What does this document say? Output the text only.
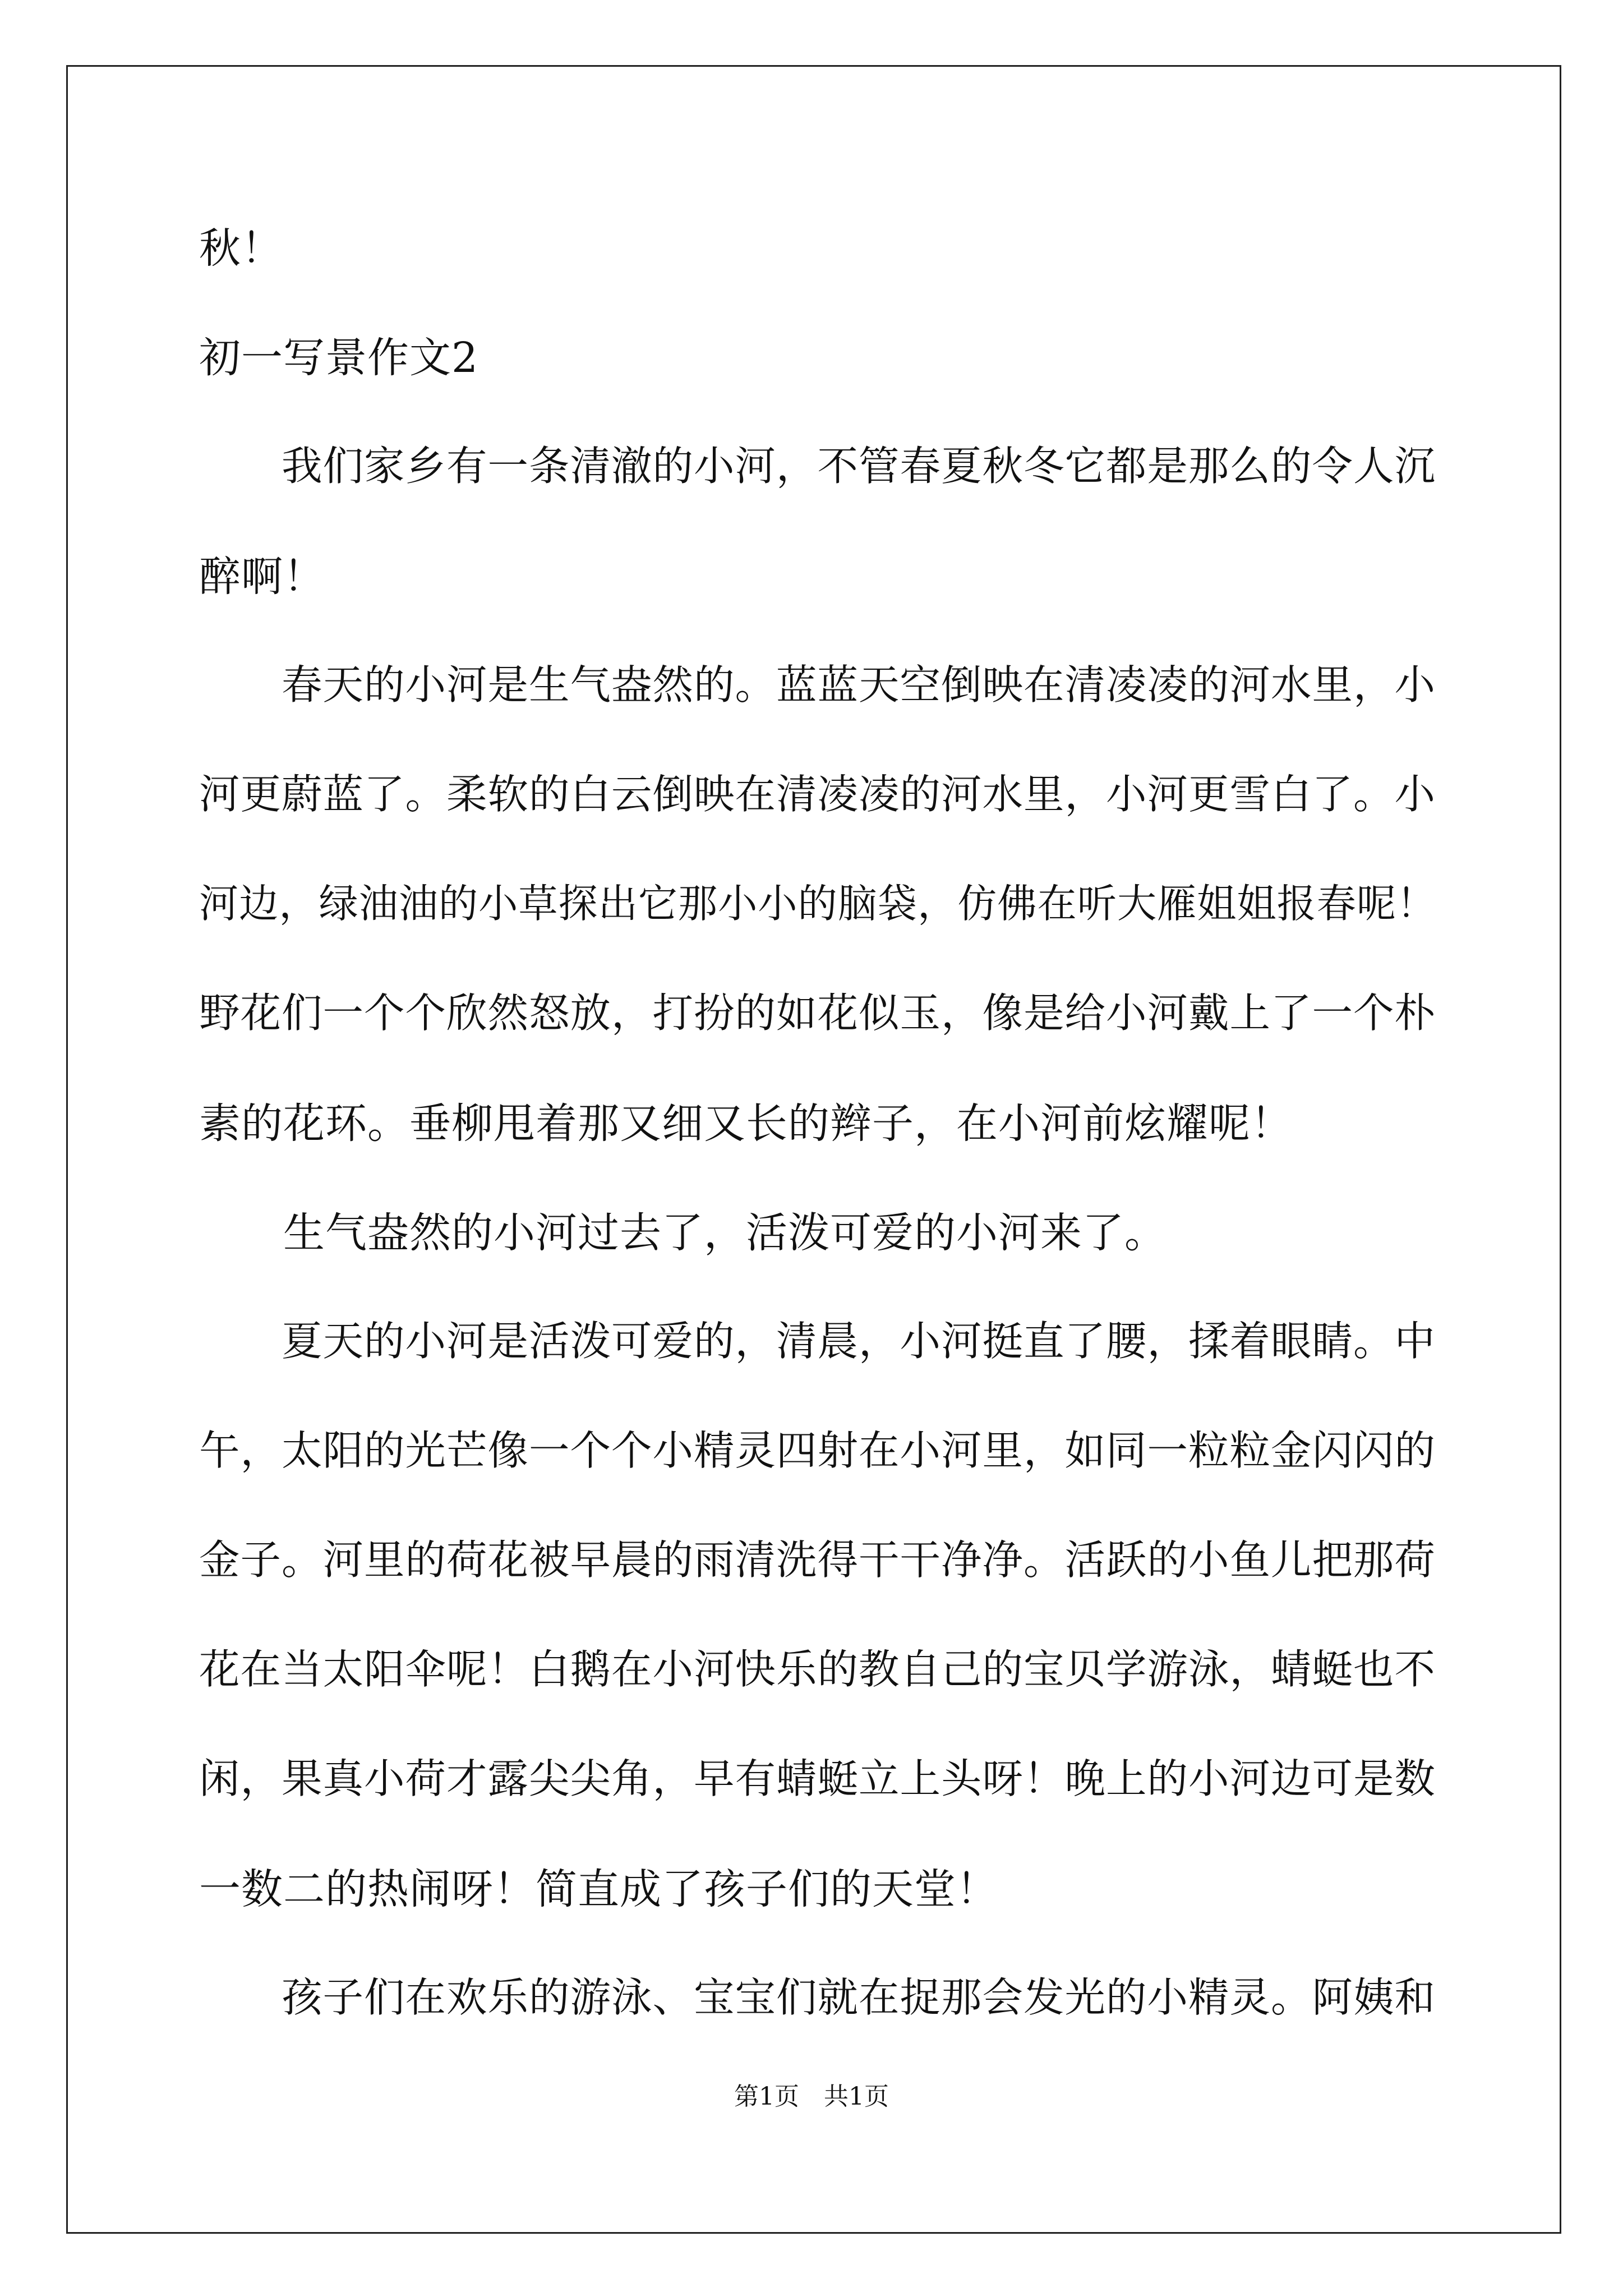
秋！
初一写景作文2
　　我们家乡有一条清澈的小河，不管春夏秋冬它都是那么的令人沉
醉啊！
　　春天的小河是生气盎然的。蓝蓝天空倒映在清凌凌的河水里，小
河更蔚蓝了。柔软的白云倒映在清凌凌的河水里，小河更雪白了。小
河边，绿油油的小草探出它那小小的脑袋，仿佛在听大雁姐姐报春呢！
野花们一个个欣然怒放，打扮的如花似玉，像是给小河戴上了一个朴
素的花环。垂柳甩着那又细又长的辫子，在小河前炫耀呢！
　　生气盎然的小河过去了，活泼可爱的小河来了。
　　夏天的小河是活泼可爱的，清晨，小河挺直了腰，揉着眼睛。中
午，太阳的光芒像一个个小精灵四射在小河里，如同一粒粒金闪闪的
金子。河里的荷花被早晨的雨清洗得干干净净。活跃的小鱼儿把那荷
花在当太阳伞呢！白鹅在小河快乐的教自己的宝贝学游泳，蜻蜓也不
闲，果真小荷才露尖尖角，早有蜻蜓立上头呀！晚上的小河边可是数
一数二的热闹呀！简直成了孩子们的天堂！
　　孩子们在欢乐的游泳、宝宝们就在捉那会发光的小精灵。阿姨和
第1页　共1页
